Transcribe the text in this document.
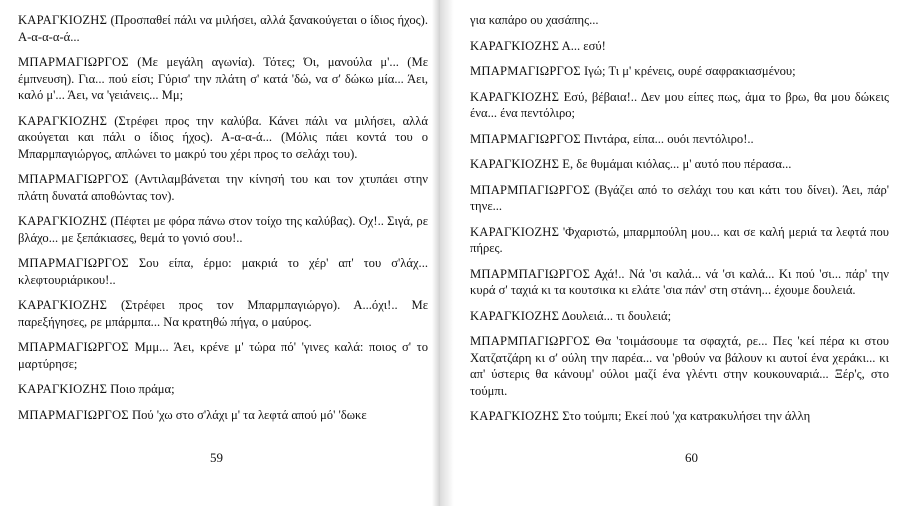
ΚΑΡΑΓΚΙΟΖΗΣ (Προσπαθεί πάλι να μιλήσει, αλλά ξανακούγεται ο ίδιος ήχος). Α-α-α-α-ά...

ΜΠΑΡΜΑΓΙΩΡΓΟΣ (Με μεγάλη αγωνία). Τότες; Όι, μανούλα μ'... (Με έμπνευση). Για... πού είσι; Γύρισ' την πλάτη σ' κατά 'δώ, να σ' δώκω μία... Άει, καλό μ'... Άει, να 'γειάνεις... Μμ;

ΚΑΡΑΓΚΙΟΖΗΣ (Στρέφει προς την καλύβα. Κάνει πάλι να μιλήσει, αλλά ακούγεται και πάλι ο ίδιος ήχος). Α-α-α-ά... (Μόλις πάει κοντά του ο Μπαρμπαγιώργος, απλώνει το μακρύ του χέρι προς το σελάχι του).

ΜΠΑΡΜΑΓΙΩΡΓΟΣ (Αντιλαμβάνεται την κίνησή του και τον χτυπάει στην πλάτη δυνατά αποθώντας τον).

ΚΑΡΑΓΚΙΟΖΗΣ (Πέφτει με φόρα πάνω στον τοίχο της καλύβας). Οχ!.. Σιγά, ρε βλάχο... με ξεπάκιασες, θεμά το γονιό σου!..

ΜΠΑΡΜΑΓΙΩΡΓΟΣ Σου είπα, έρμο: μακριά το χέρ' απ' του σ'λάχ... κλεφτουριάρικου!..

ΚΑΡΑΓΚΙΟΖΗΣ (Στρέφει προς τον Μπαρμπαγιώργο). Α...όχι!.. Με παρεξήγησες, ρε μπάρμπα... Να κρατηθώ πήγα, ο μαύρος.

ΜΠΑΡΜΑΓΙΩΡΓΟΣ Μμμ... Άει, κρένε μ' τώρα πό' 'γινες καλά: ποιος σ' το μαρτύρησε;

ΚΑΡΑΓΚΙΟΖΗΣ Ποιο πράμα;

ΜΠΑΡΜΑΓΙΩΡΓΟΣ Πού 'χω στο σ'λάχι μ' τα λεφτά απού μό' 'δωκε

59

για καπάρο ου χασάπης...

ΚΑΡΑΓΚΙΟΖΗΣ Α... εσύ!

ΜΠΑΡΜΑΓΙΩΡΓΟΣ Ιγώ; Τι μ' κρένεις, ουρέ σαφρακιασμένου;

ΚΑΡΑΓΚΙΟΖΗΣ Εσύ, βέβαια!.. Δεν μου είπες πως, άμα το βρω, θα μου δώκεις ένα... ένα πεντόλιρο;

ΜΠΑΡΜΑΓΙΩΡΓΟΣ Πιντάρα, είπα... ουόι πεντόλιρο!..

ΚΑΡΑΓΚΙΟΖΗΣ Ε, δε θυμάμαι κιόλας... μ' αυτό που πέρασα...

ΜΠΑΡΜΠΑΓΙΩΡΓΟΣ (Βγάζει από το σελάχι του και κάτι του δίνει). Άει, πάρ' τηνε...

ΚΑΡΑΓΚΙΟΖΗΣ 'Φχαριστώ, μπαρμπούλη μου... και σε καλή μεριά τα λεφτά που πήρες.

ΜΠΑΡΜΠΑΓΙΩΡΓΟΣ Αχά!.. Νά 'σι καλά... νά 'σι καλά... Κι πού 'σι... πάρ' την κυρά σ' ταχιά κι τα κουτσικα κι ελάτε 'σια πάν' στη στάνη... έχουμε δουλειά.

ΚΑΡΑΓΚΙΟΖΗΣ Δουλειά... τι δουλειά;

ΜΠΑΡΜΠΑΓΙΩΡΓΟΣ Θα 'τοιμάσουμε τα σφαχτά, ρε... Πες 'κεί πέρα κι στου Χατζατζάρη κι σ' ούλη την παρέα... να 'ρθούν να βάλουν κι αυτοί ένα χεράκι... κι απ' ύστερις θα κάνουμ' ούλοι μαζί ένα γλέντι στην κουκουναριά... Ξέρ'ς, στο τούμπι.

ΚΑΡΑΓΚΙΟΖΗΣ Στο τούμπι; Εκεί πού 'χα κατρακυλήσει την άλλη

60
